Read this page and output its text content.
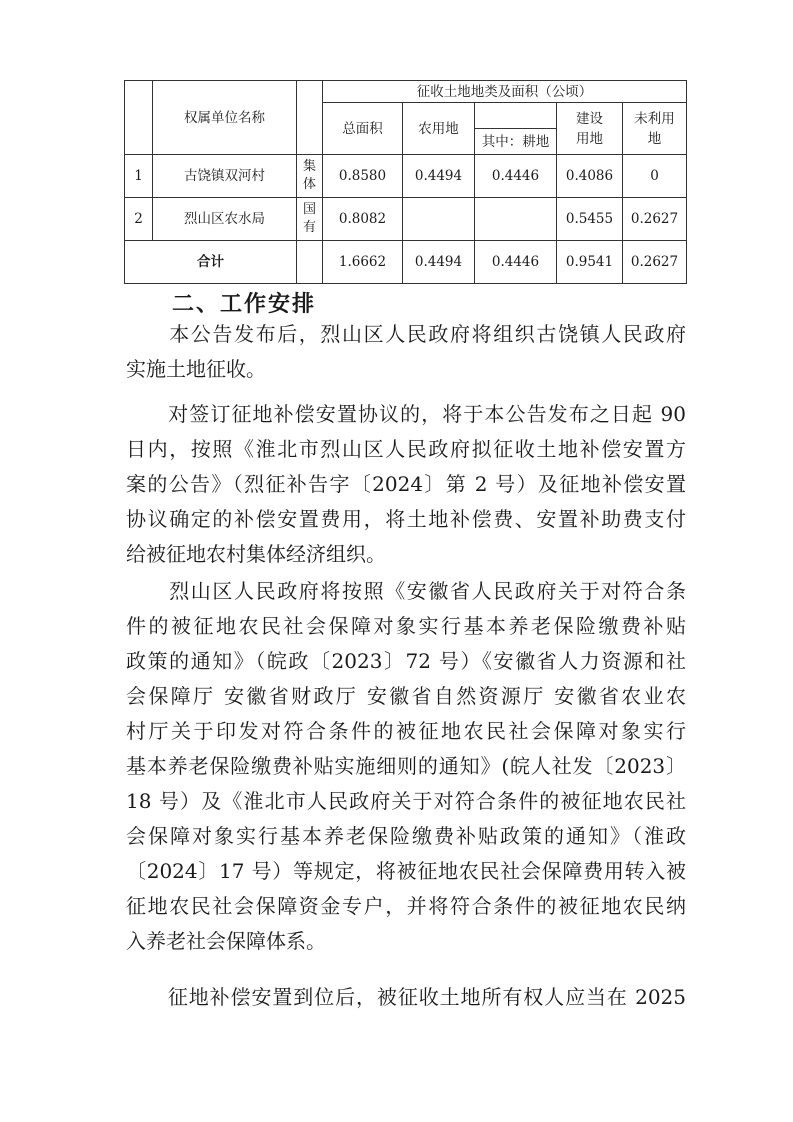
	权属单位名称		征收土地地类及面积（公顷）				
			总面积	农用地		建设用地	未利用地
					其中：耕地		
1	古饶镇双河村	集体	0.8580	0.4494	0.4446	0.4086	0
2	烈山区农水局	国有	0.8082			0.5455	0.2627
合计			1.6662	0.4494	0.4446	0.9541	0.2627
二、工作安排

　　本公告发布后，烈山区人民政府将组织古饶镇人民政府
实施土地征收。

　　对签订征地补偿安置协议的，将于本公告发布之日起 90
日内，按照《淮北市烈山区人民政府拟征收土地补偿安置方
案的公告》（烈征补告字〔2024〕第 2 号）及征地补偿安置
协议确定的补偿安置费用，将土地补偿费、安置补助费支付
给被征地农村集体经济组织。

　　烈山区人民政府将按照《安徽省人民政府关于对符合条
件的被征地农民社会保障对象实行基本养老保险缴费补贴
政策的通知》（皖政〔2023〕72 号）《安徽省人力资源和社
会保障厅 安徽省财政厅 安徽省自然资源厅 安徽省农业农
村厅关于印发对符合条件的被征地农民社会保障对象实行
基本养老保险缴费补贴实施细则的通知》(皖人社发〔2023〕
18 号）及《淮北市人民政府关于对符合条件的被征地农民社
会保障对象实行基本养老保险缴费补贴政策的通知》（淮政
〔2024〕17 号）等规定，将被征地农民社会保障费用转入被
征地农民社会保障资金专户，并将符合条件的被征地农民纳
入养老社会保障体系。

　　征地补偿安置到位后，被征收土地所有权人应当在 2025
